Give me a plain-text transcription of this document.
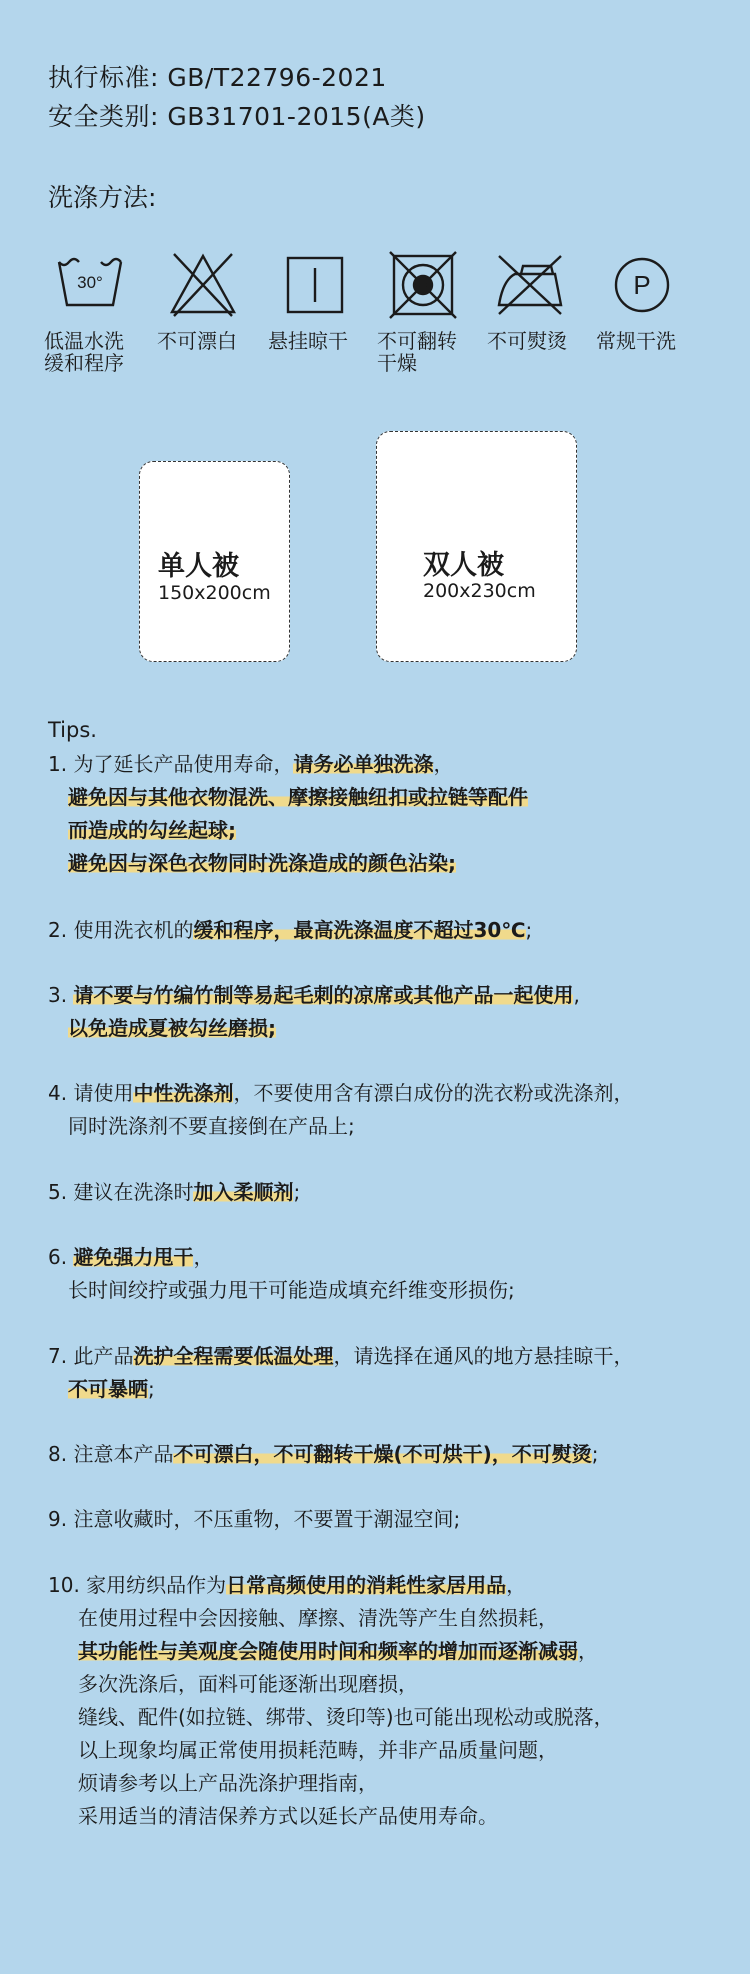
执行标准: GB/T22796-2021
安全类别: GB31701-2015(A类)
洗涤方法:
30°	P
低温水洗
缓和程序
不可漂白 悬挂晾干 不可翻转
干燥
不可熨烫 常规干洗
单人被
150x200cm
双人被
200x230cm
Tips.
1. 为了延长产品使用寿命，请务必单独洗涤，
避免因与其他衣物混洗、摩擦接触纽扣或拉链等配件
而造成的勾丝起球;
避免因与深色衣物同时洗涤造成的颜色沾染;
2. 使用洗衣机的缓和程序，最高洗涤温度不超过30℃;
3. 请不要与竹编竹制等易起毛刺的凉席或其他产品一起使用,
以免造成夏被勾丝磨损;
4. 请使用中性洗涤剂，不要使用含有漂白成份的洗衣粉或洗涤剂，
同时洗涤剂不要直接倒在产品上;
5. 建议在洗涤时加入柔顺剂;
6. 避免强力甩干，
长时间绞拧或强力甩干可能造成填充纤维变形损伤;
7. 此产品洗护全程需要低温处理，请选择在通风的地方悬挂晾干，
不可暴晒;
8. 注意本产品不可漂白，不可翻转干燥(不可烘干)，不可熨烫;
9. 注意收藏时，不压重物，不要置于潮湿空间;
10. 家用纺织品作为日常高频使用的消耗性家居用品，
在使用过程中会因接触、摩擦、清洗等产生自然损耗，
其功能性与美观度会随使用时间和频率的增加而逐渐减弱，
多次洗涤后，面料可能逐渐出现磨损，
缝线、配件(如拉链、绑带、烫印等)也可能出现松动或脱落，
以上现象均属正常使用损耗范畴，并非产品质量问题，
烦请参考以上产品洗涤护理指南，
采用适当的清洁保养方式以延长产品使用寿命。
